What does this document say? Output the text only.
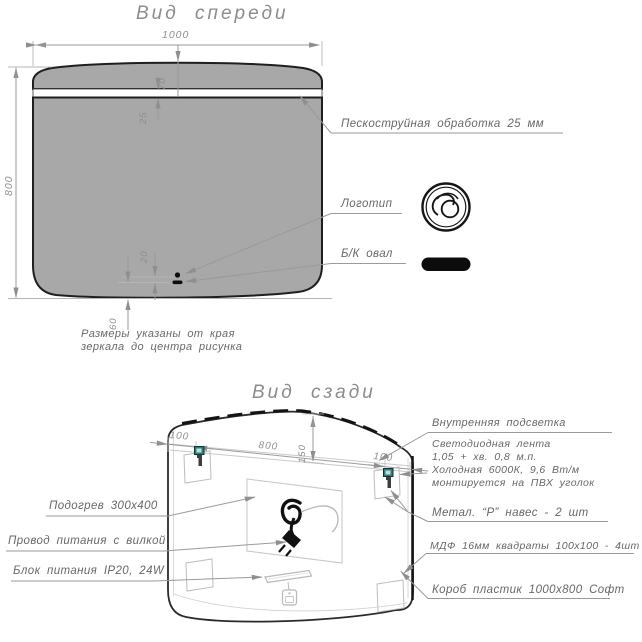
Вид спереди
1000
800
70
25
20
60
Пескоструйная обработка 25 мм
Логотип
Б/К овал
Размеры указаны от края
зеркала до центра рисунка
Вид сзади
100
800 150	100
Внутренняя подсветка
Светодиодная лента
1,05 + хв. 0,8 м.п.
Холодная 6000К, 9,6 Вт/м
монтируется на ПВХ уголок
Метал. “Р” навес - 2 шт
МДФ 16мм квадраты 100x100 - 4шт
Короб пластик 1000x800 Софт
Подогрев 300x400
Провод питания с вилкой
Блок питания IP20, 24W
